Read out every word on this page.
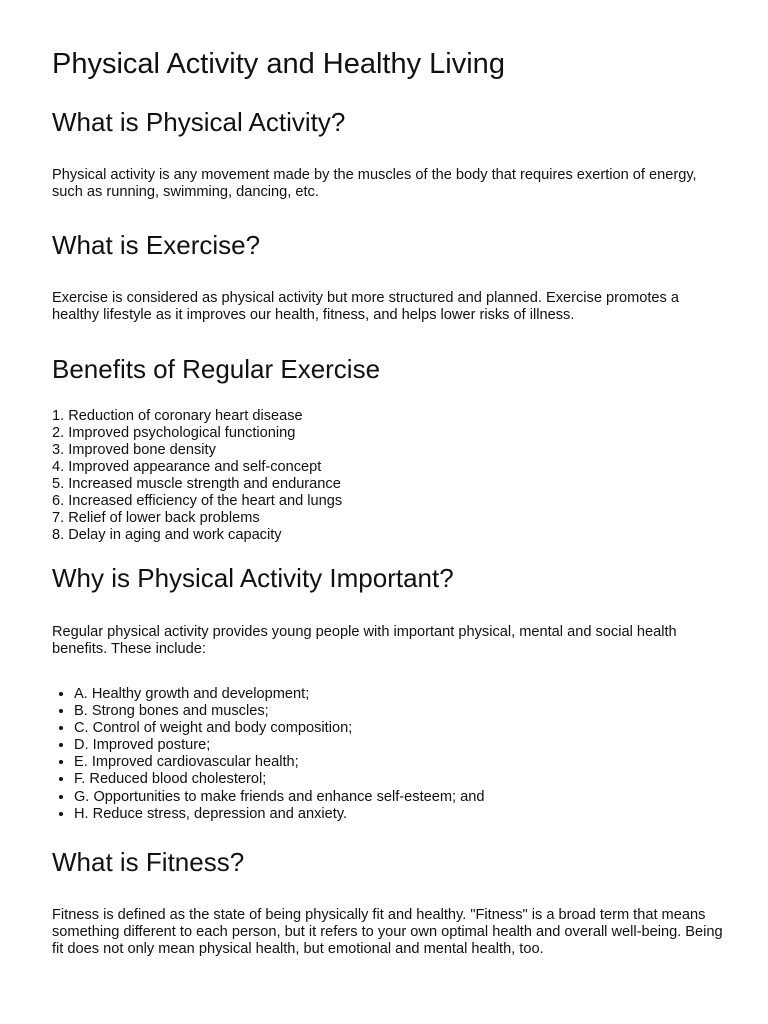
Physical Activity and Healthy Living
What is Physical Activity?

Physical activity is any movement made by the muscles of the body that requires exertion of energy, such as running, swimming, dancing, etc.

What is Exercise?

Exercise is considered as physical activity but more structured and planned. Exercise promotes a healthy lifestyle as it improves our health, fitness, and helps lower risks of illness.

Benefits of Regular Exercise
1. Reduction of coronary heart disease
2. Improved psychological functioning
3. Improved bone density
4. Improved appearance and self-concept
5. Increased muscle strength and endurance
6. Increased efficiency of the heart and lungs
7. Relief of lower back problems
8. Delay in aging and work capacity
Why is Physical Activity Important?

Regular physical activity provides young people with important physical, mental and social health benefits. These include:

• A. Healthy growth and development;
• B. Strong bones and muscles;
• C. Control of weight and body composition;
• D. Improved posture;
• E. Improved cardiovascular health;
• F. Reduced blood cholesterol;
• G. Opportunities to make friends and enhance self-esteem; and
• H. Reduce stress, depression and anxiety.
What is Fitness?

Fitness is defined as the state of being physically fit and healthy. "Fitness" is a broad term that means something different to each person, but it refers to your own optimal health and overall well-being. Being fit does not only mean physical health, but emotional and mental health, too.
